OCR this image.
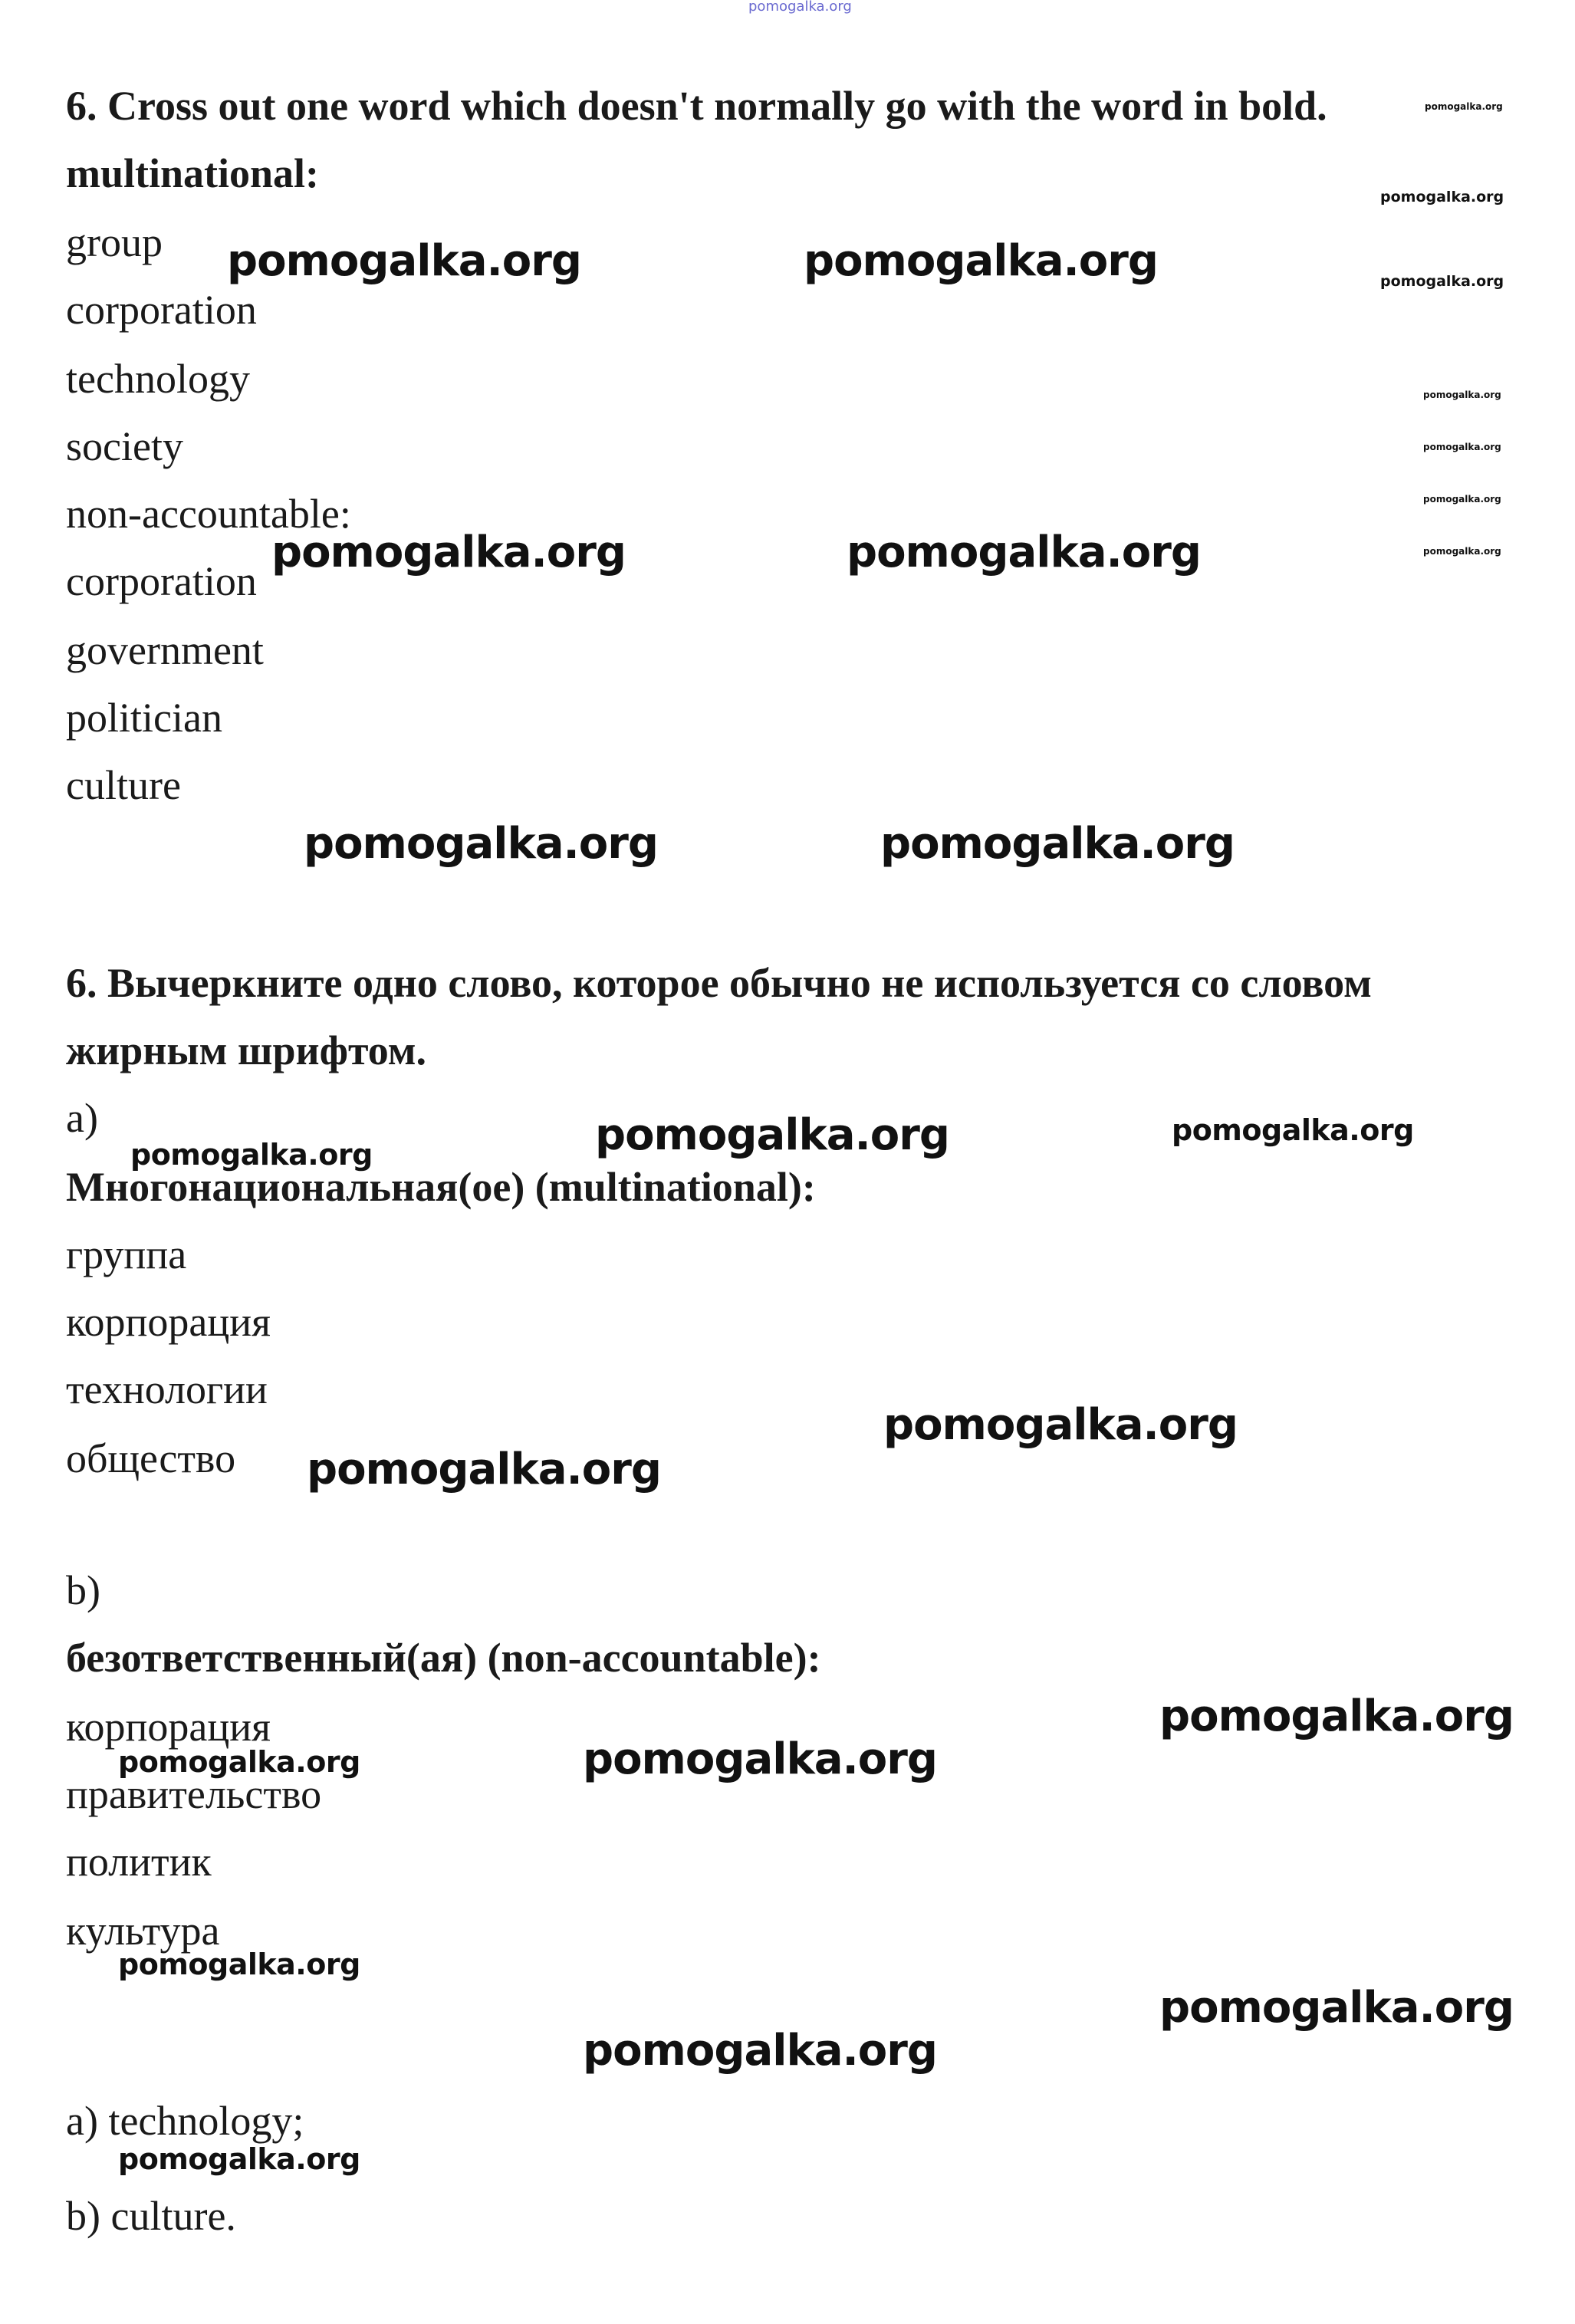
6. Cross out one word which doesn't normally go with the word in bold.
multinational:
group
corporation
technology
society
non-accountable:
corporation
government
politician
culture
6. Вычеркните одно слово, которое обычно не используется со словом
жирным шрифтом.
a)
Многонациональная(ое) (multinational):
группа
корпорация
технологии
общество
b)
безответственный(ая) (non-accountable):
корпорация
правительство
политик
культура
a) technology;
b) culture.
pomogalka.org
pomogalka.org
pomogalka.org
pomogalka.org
pomogalka.org
pomogalka.org
pomogalka.org
pomogalka.org
pomogalka.org	pomogalka.org
pomogalka.org	pomogalka.org
pomogalka.org	pomogalka.org
pomogalka.org	pomogalka.org	pomogalka.org
pomogalka.org
pomogalka.org
pomogalka.org
pomogalka.org	pomogalka.org
pomogalka.org
pomogalka.org
pomogalka.org
pomogalka.org
